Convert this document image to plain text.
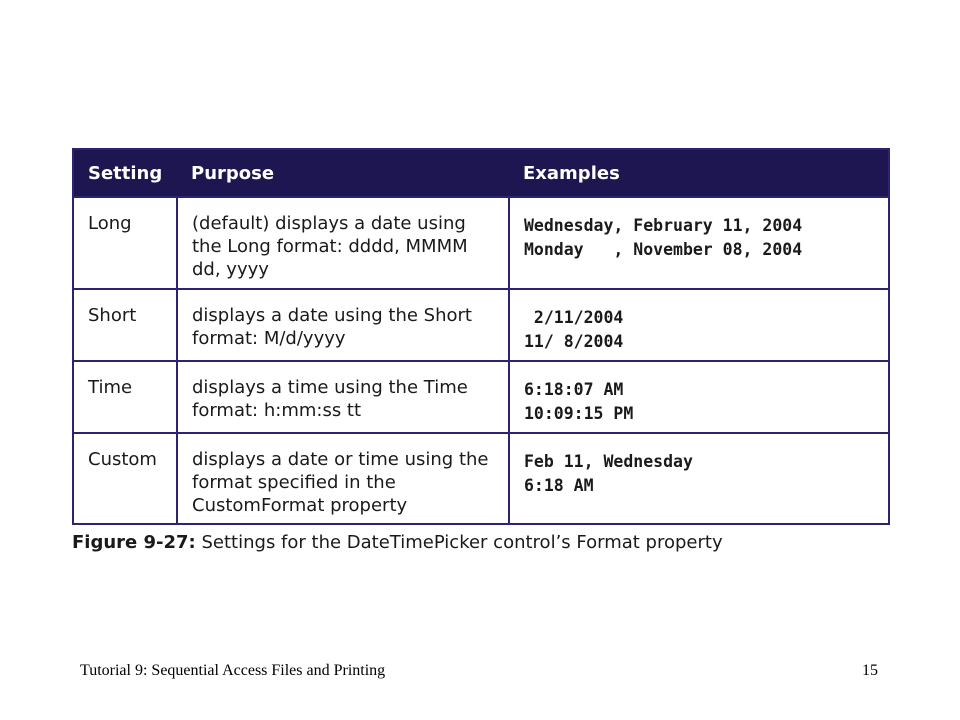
Setting	Purpose	Examples
Long	(default) displays a date using the Long format: dddd, MMMM dd, yyyy	Wednesday, February 11, 2004
Monday   , November 08, 2004

Short	displays a date using the Short format: M/d/yyyy	2/11/2004
11/ 8/2004

Time	displays a time using the Time format: h:mm:ss tt	6:18:07 AM
10:09:15 PM

Custom	displays a date or time using the format specified in the CustomFormat property	Feb 11, Wednesday
6:18 AM
Figure 9-27: Settings for the DateTimePicker control’s Format property
Tutorial 9: Sequential Access Files and Printing	15
